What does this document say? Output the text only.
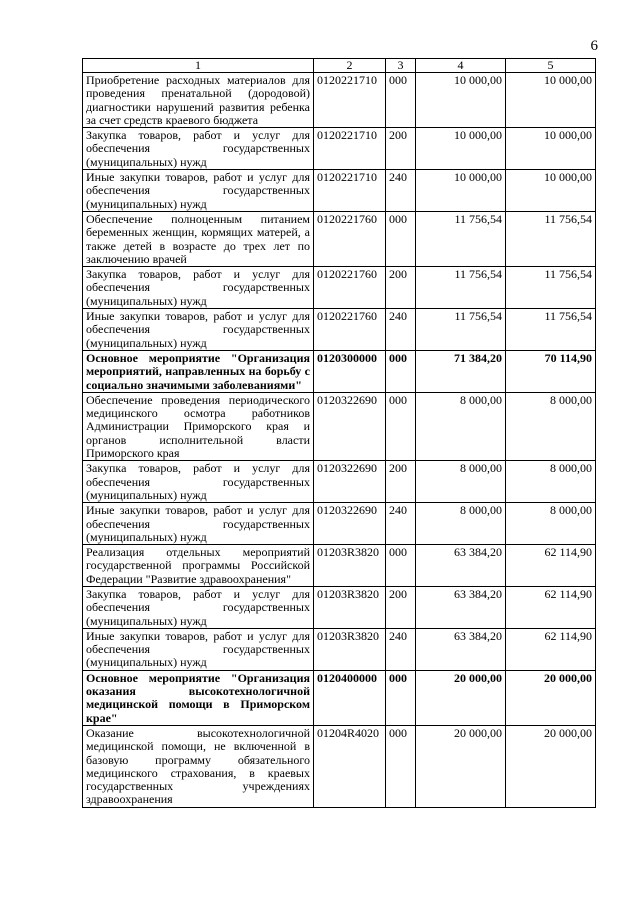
6
1	2	3	4	5
Приобретение расходных материалов для проведения пренатальной (дородовой) диагностики нарушений развития ребенка за счет средств краевого бюджета	0120221710	000	10 000,00	10 000,00
Закупка товаров, работ и услуг для обеспечения государственных (муниципальных) нужд	0120221710	200	10 000,00	10 000,00
Иные закупки товаров, работ и услуг для обеспечения государственных (муниципальных) нужд	0120221710	240	10 000,00	10 000,00
Обеспечение полноценным питанием беременных женщин, кормящих матерей, а также детей в возрасте до трех лет по заключению врачей	0120221760	000	11 756,54	11 756,54
Закупка товаров, работ и услуг для обеспечения государственных (муниципальных) нужд	0120221760	200	11 756,54	11 756,54
Иные закупки товаров, работ и услуг для обеспечения государственных (муниципальных) нужд	0120221760	240	11 756,54	11 756,54
Основное мероприятие "Организация мероприятий, направленных на борьбу с социально значимыми заболеваниями"	0120300000	000	71 384,20	70 114,90
Обеспечение проведения периодического медицинского осмотра работников Администрации Приморского края и органов исполнительной власти Приморского края	0120322690	000	8 000,00	8 000,00
Закупка товаров, работ и услуг для обеспечения государственных (муниципальных) нужд	0120322690	200	8 000,00	8 000,00
Иные закупки товаров, работ и услуг для обеспечения государственных (муниципальных) нужд	0120322690	240	8 000,00	8 000,00
Реализация отдельных мероприятий государственной программы Российской Федерации "Развитие здравоохранения"	01203R3820	000	63 384,20	62 114,90
Закупка товаров, работ и услуг для обеспечения государственных (муниципальных) нужд	01203R3820	200	63 384,20	62 114,90
Иные закупки товаров, работ и услуг для обеспечения государственных (муниципальных) нужд	01203R3820	240	63 384,20	62 114,90
Основное мероприятие "Организация оказания высокотехнологичной медицинской помощи в Приморском крае"	0120400000	000	20 000,00	20 000,00
Оказание высокотехнологичной медицинской помощи, не включенной в базовую программу обязательного медицинского страхования, в краевых государственных учреждениях здравоохранения	01204R4020	000	20 000,00	20 000,00
